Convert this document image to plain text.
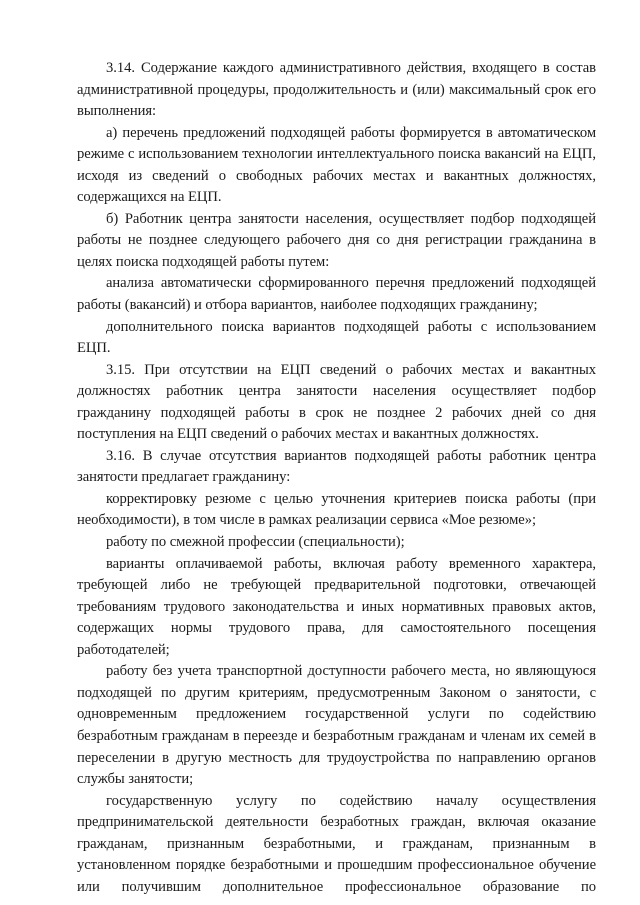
3.14. Содержание каждого административного действия, входящего в состав административной процедуры, продолжительность и (или) максимальный срок его выполнения:

а) перечень предложений подходящей работы формируется в автоматическом режиме с использованием технологии интеллектуального поиска вакансий на ЕЦП, исходя из сведений о свободных рабочих местах и вакантных должностях, содержащихся на ЕЦП.

б) Работник центра занятости населения, осуществляет подбор подходящей работы не позднее следующего рабочего дня со дня регистрации гражданина в целях поиска подходящей работы путем:

анализа автоматически сформированного перечня предложений подходящей работы (вакансий) и отбора вариантов, наиболее подходящих гражданину;

дополнительного поиска вариантов подходящей работы с использованием ЕЦП.

3.15. При отсутствии на ЕЦП сведений о рабочих местах и вакантных должностях работник центра занятости населения осуществляет подбор гражданину подходящей работы в срок не позднее 2 рабочих дней со дня поступления на ЕЦП сведений о рабочих местах и вакантных должностях.

3.16. В случае отсутствия вариантов подходящей работы работник центра занятости предлагает гражданину:

корректировку резюме с целью уточнения критериев поиска работы (при необходимости), в том числе в рамках реализации сервиса «Мое резюме»;

работу по смежной профессии (специальности);

варианты оплачиваемой работы, включая работу временного характера, требующей либо не требующей предварительной подготовки, отвечающей требованиям трудового законодательства и иных нормативных правовых актов, содержащих нормы трудового права, для самостоятельного посещения работодателей;

работу без учета транспортной доступности рабочего места, но являющуюся подходящей по другим критериям, предусмотренным Законом о занятости, с одновременным предложением государственной услуги по содействию безработным гражданам в переезде и безработным гражданам и членам их семей в переселении в другую местность для трудоустройства по направлению органов службы занятости;

государственную услугу по содействию началу осуществления предпринимательской деятельности безработных граждан, включая оказание гражданам, признанным безработными, и гражданам, признанным в установленном порядке безработными и прошедшим профессиональное обучение или получившим дополнительное профессиональное образование по
